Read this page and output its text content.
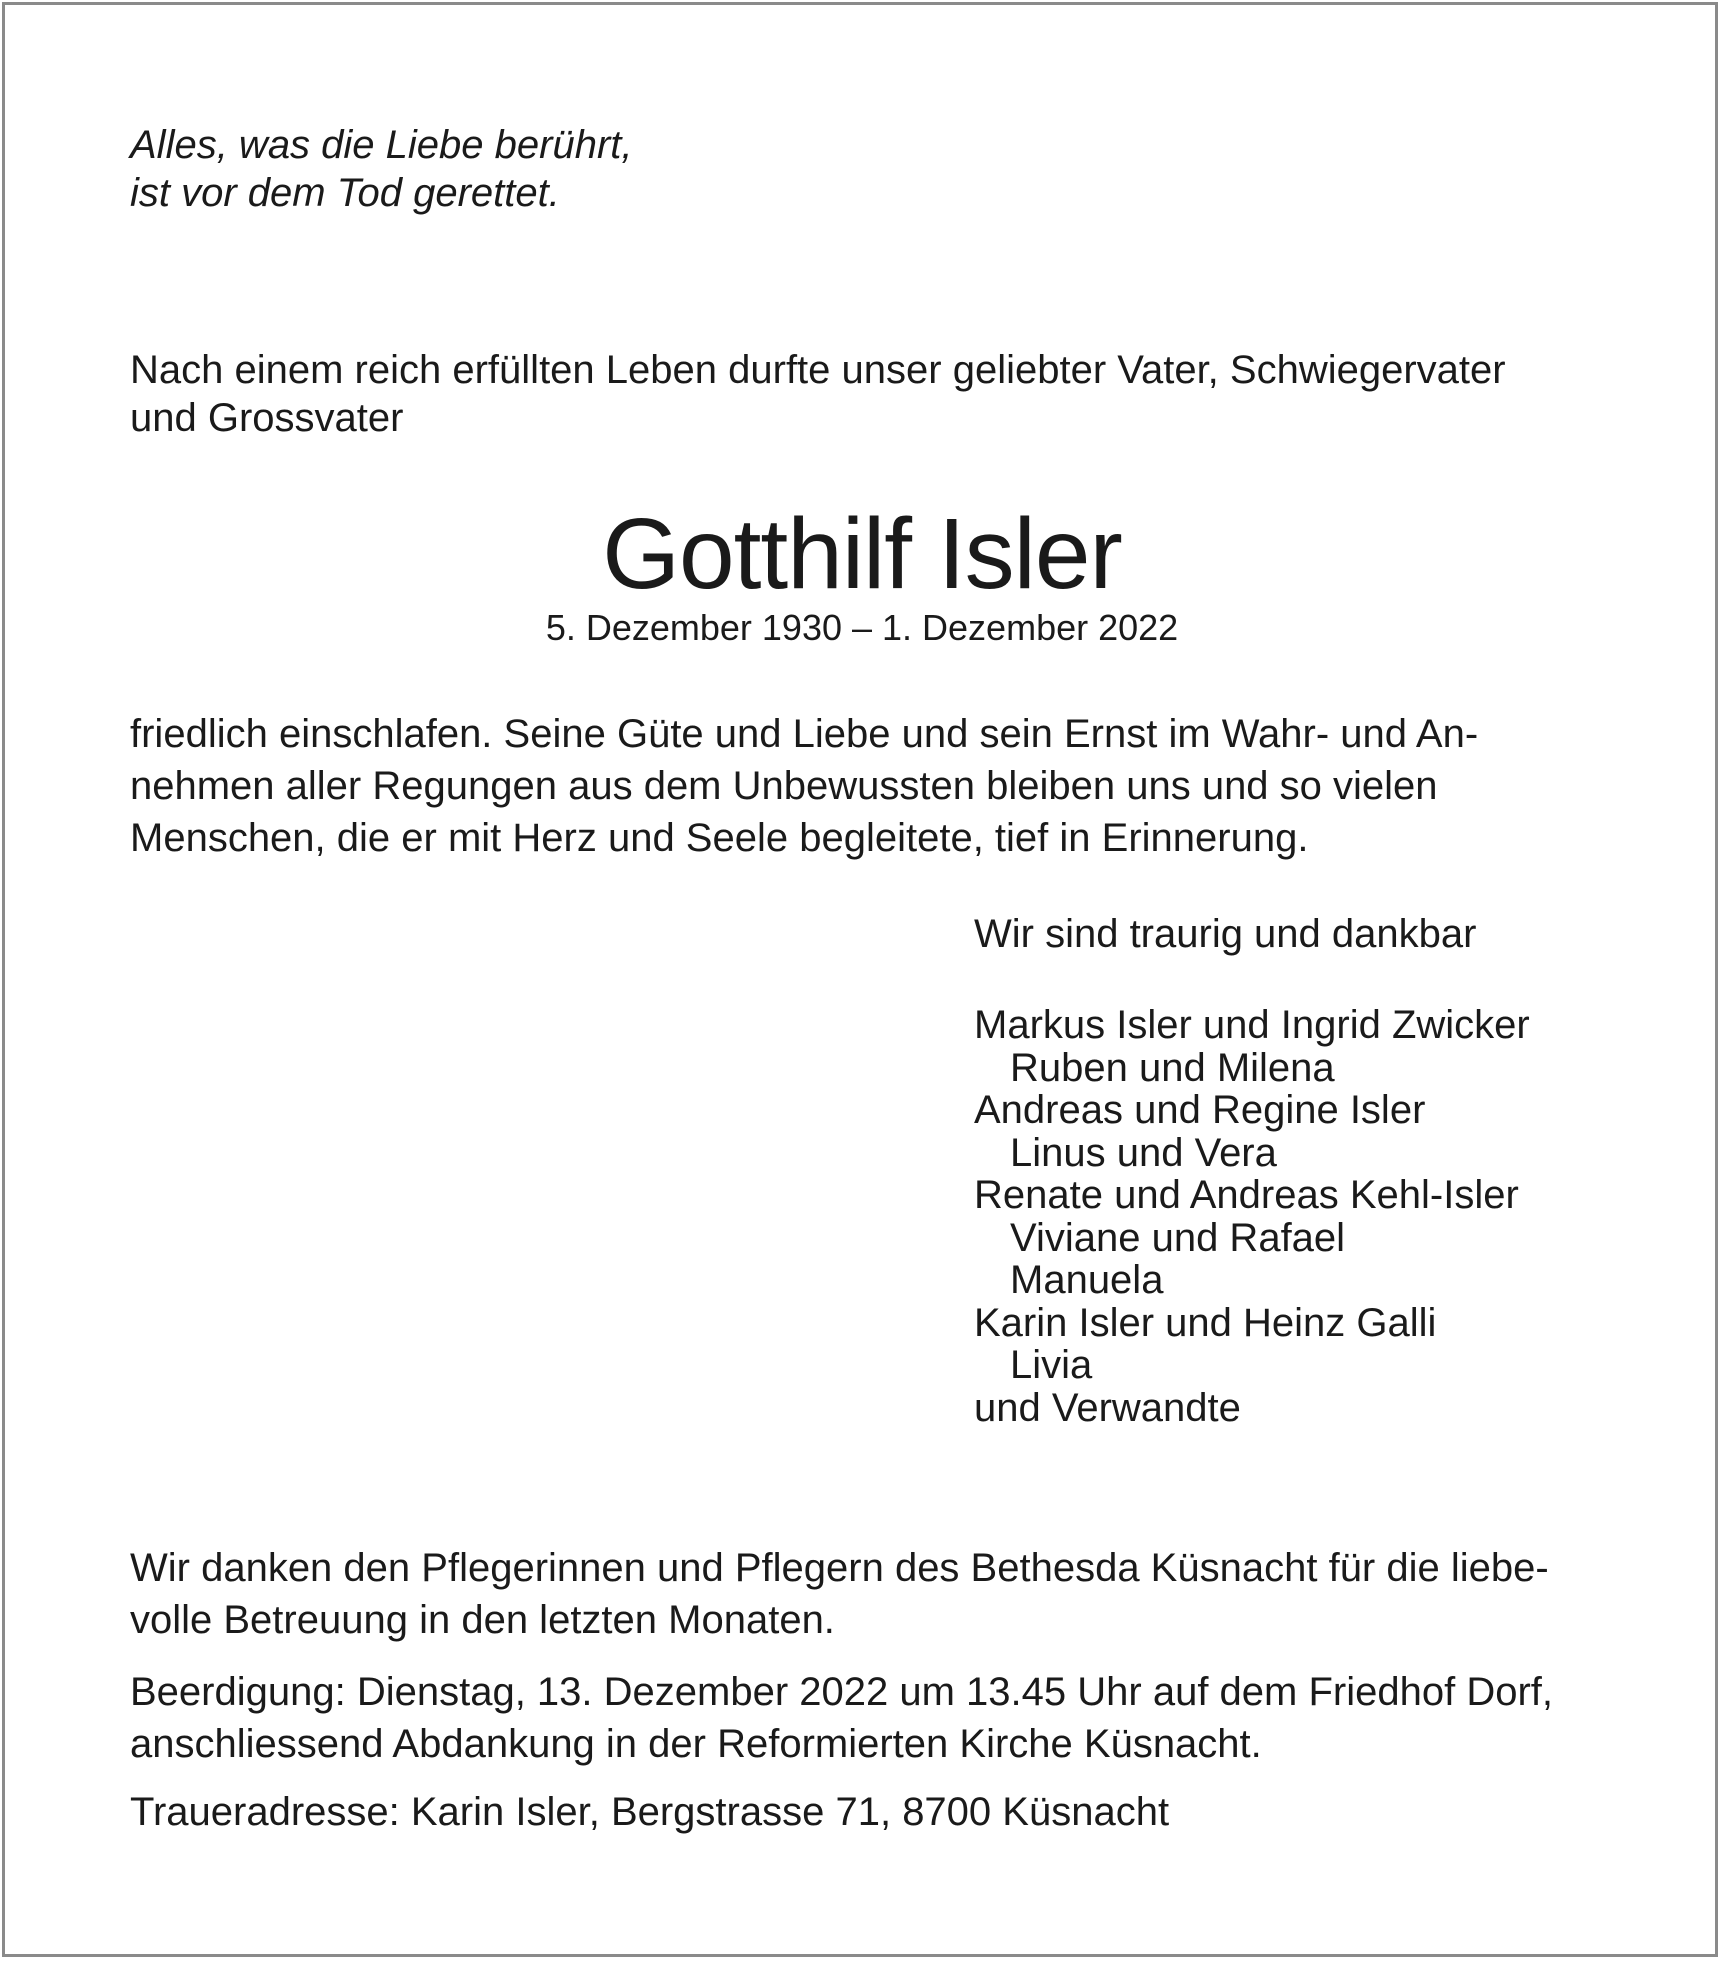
Alles, was die Liebe berührt,
ist vor dem Tod gerettet.
Nach einem reich erfüllten Leben durfte unser geliebter Vater, Schwiegervater
und Grossvater
Gotthilf Isler
5. Dezember 1930 – 1. Dezember 2022
friedlich einschlafen. Seine Güte und Liebe und sein Ernst im Wahr- und An-
nehmen aller Regungen aus dem Unbewussten bleiben uns und so vielen
Menschen, die er mit Herz und Seele begleitete, tief in Erinnerung.
Wir sind traurig und dankbar
Markus Isler und Ingrid Zwicker
Ruben und Milena
Andreas und Regine Isler
Linus und Vera
Renate und Andreas Kehl-Isler
Viviane und Rafael
Manuela
Karin Isler und Heinz Galli
Livia
und Verwandte
Wir danken den Pflegerinnen und Pflegern des Bethesda Küsnacht für die liebe-
volle Betreuung in den letzten Monaten.
Beerdigung: Dienstag, 13. Dezember 2022 um 13.45 Uhr auf dem Friedhof Dorf,
anschliessend Abdankung in der Reformierten Kirche Küsnacht.
Traueradresse: Karin Isler, Bergstrasse 71, 8700 Küsnacht
